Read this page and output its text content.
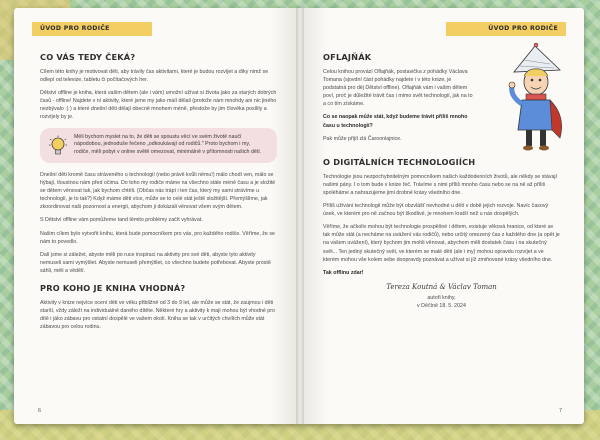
ÚVOD PRO RODIČE
CO VÁS TEDY ČEKÁ?

Cílem této knihy je motivovat děti, aby trávily čas aktivitami, které je budou rozvíjet a díky nimž se odlepí od televize, tabletu či počítačových her.

Dětství offline je kniha, která vašim dětem (ale i vám) umožní užívat si života jako za starých dobrých časů - offline! Najdete v ní aktivity, které jsme my jako malí dělali (protože nám mnohdy ani nic jiného nezbývalo :) ) a které dnešní děti dělají obecně mnohem méně, přestože by jim člověka posílily a rozvíjely by je.

Měli bychom myslet na to, že děti se spoustu věcí ve svém životě naučí nápodobou, jednoduše řečeno „odkoukávají od rodičů." Proto bychom i my, rodiče, měli pobyt v online světě omezovat, minimálně v přítomnosti našich dětí.

Dnešní děti kromě času stráveného u technologií (nebo právě kvůli němu!) málo chodí ven, málo se hýbají, tloustnou nám před očima. Do toho my rodiče máme na všechno stále méně času a je složité se dětem věnovat tak, jak bychom chtěli. (Občas nás trápí i ten čas, který my sami strávíme u technologií, je to tak?) Když máme děti více, může se to celé stát ještě složitější. Přemýšlíme, jak zkoordinovat naši pozornost a energii, abychom ji dokázali věnovat všem svým dětem.

S Dětství offline vám pomůžeme tand těmito problémy začít vyhrávat.

Našim cílem bylo vytvořit knihu, která bude pomocníkem pro vás, pro každého rodiče. Věříme, že se nám to povedlo.

Dalí jsme si záležet, abyste měli po ruce inspiraci na aktivity pro své děti, abyste tyto aktivity nemuseli sami vymýšlet. Abyste nemuseli přemýšlet, co všechno budete potřebovat. Abyste prostě sáhli, měli a vědělí.

PRO KOHO JE KNIHA VHODNÁ?

Aktivity v knize nejvíce ocení děti ve věku přibližně od 3 do 9 let, ale může se stát, že zaujmou i děti starší, vždy záleží na individuálně daného dítěte. Některé hry a aktivity k mají mohou být vhodné pro dítě i jáko zábavu pro ostatní dospělé ve vašem okolí. Kniha se tak v určitých chvílích může stát zábavou pro celou rodinu.

6
ÚVOD PRO RODIČE
OFLAJŇÁK

Celou knihou provází Oflajňák, postavička z pohádky Václava Tomana (sjovdní část pohádky najdete i v této knize, je podstatná pro děj Dětství offline). Oflajňák vám i vašim dětem poví, proč je důležité trávit čas i mimo svět technologií, jak na to a co tím získáme.

Co se naopak může stát, když budeme trávit příliš mnoho času u technologií?

Pak může přijít zlá Čaroonlajnice.

O DIGITÁLNÍCH TECHNOLOGIÍCH

Technologie jsou nezpochybnitelným pomocníkem našich každodenních životů, ale někdy se stávají našimi pány. I o tom bude v knize řeč. Trávíme s nimi příliš mnoho času nebo se na ně až příliš spoléháme a nahrazujeme jimi drobné krásy všedního dne.

Příliš užívání technologií může být obzvlášť nevhodné u dětí v době jejich rozvoje. Navíc časový úsek, ve kterém pro ně začnou být škodlivé, je mnohem kratší než u nás dospělých.

Věříme, že ačkoliv mohou být technologie prospěšné i dětem, existuje věková hranice, od které se tak může stát (a necháme na uvážení vás rodičů), nebo určitý omezený čas z každého dne (a opět je na vašem uvážení), který bychom jim mohli věnovat, abychom měli dostatek času i na skutečný svět... Ten jediný skutečný svět, ve kterém se malé děti (ale i my) mohou opravdu rozvíjet a ve kterém mohou vše kolem sebe doopravdy poznávat a užívat si jíž zmiňované krásy všedního dne.

Tak offlinu zdar!

Tereza Koutná & Václav Toman
autoři knihy,
v Děčíně 18. 5. 2024
7
